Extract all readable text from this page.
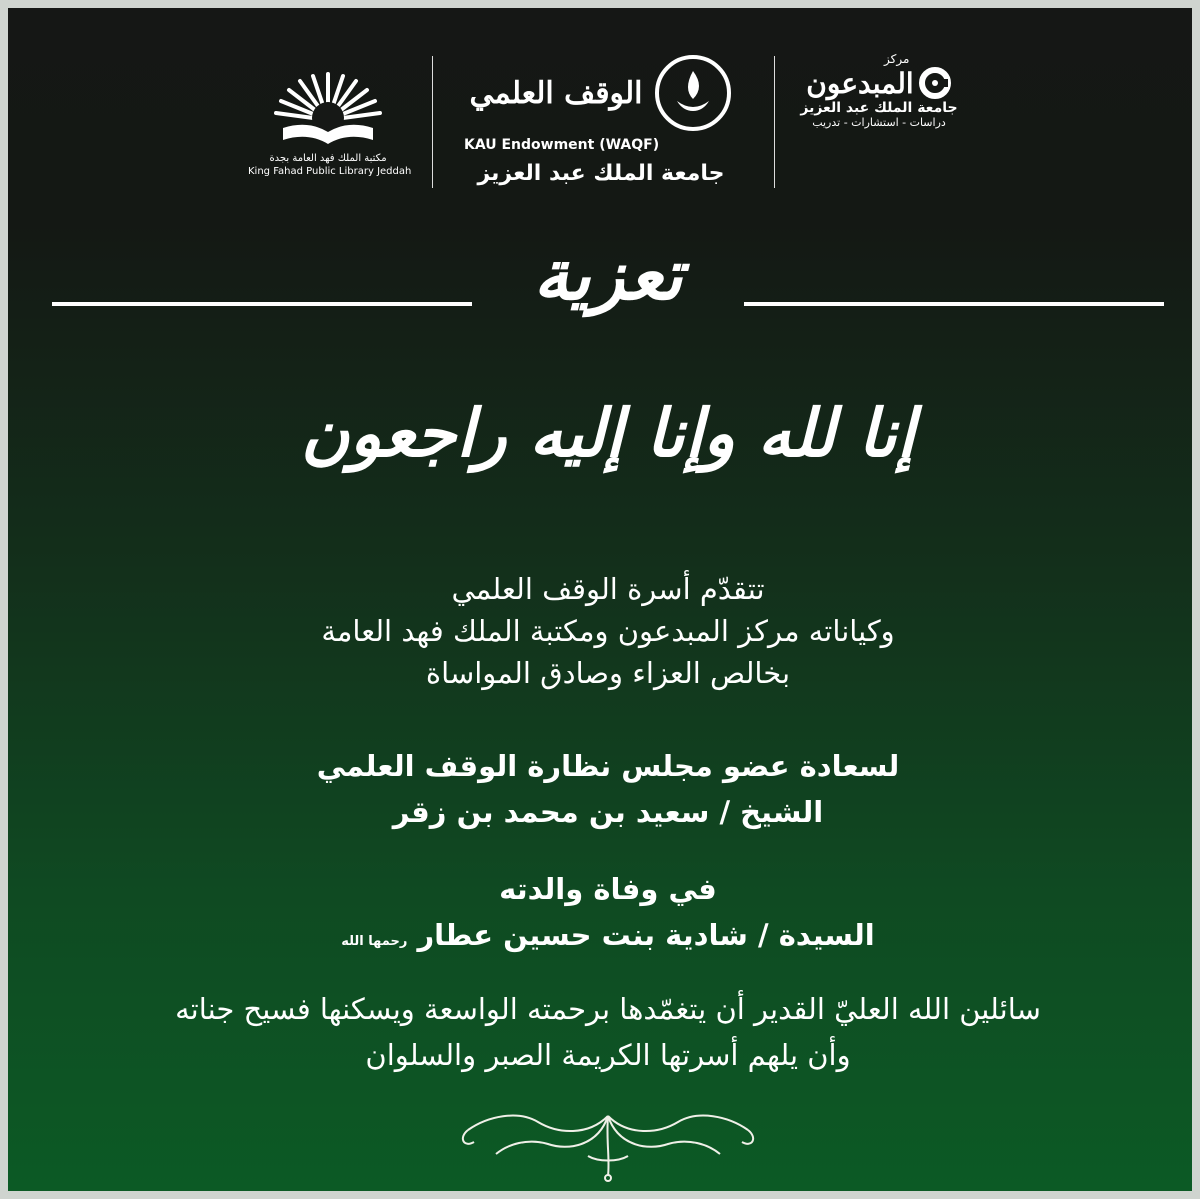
مكتبة الملك فهد العامة بجدة
King Fahad Public Library Jeddah
الوقف العلمي
KAU Endowment (WAQF)
جامعة الملك عبد العزيز
مركز
المبدعون
جامعة الملك عبد العزيز
دراسات - استشارات - تدريب
تعزية
إنا لله وإنا إليه راجعون
تتقدّم أسرة الوقف العلمي
وكياناته مركز المبدعون ومكتبة الملك فهد العامة
بخالص العزاء وصادق المواساة
لسعادة عضو مجلس نظارة الوقف العلمي
الشيخ / سعيد بن محمد بن زقر
في وفاة والدته
السيدة / شادية بنت حسين عطار رحمها الله
سائلين الله العليّ القدير أن يتغمّدها برحمته الواسعة ويسكنها فسيح جناته
وأن يلهم أسرتها الكريمة الصبر والسلوان
